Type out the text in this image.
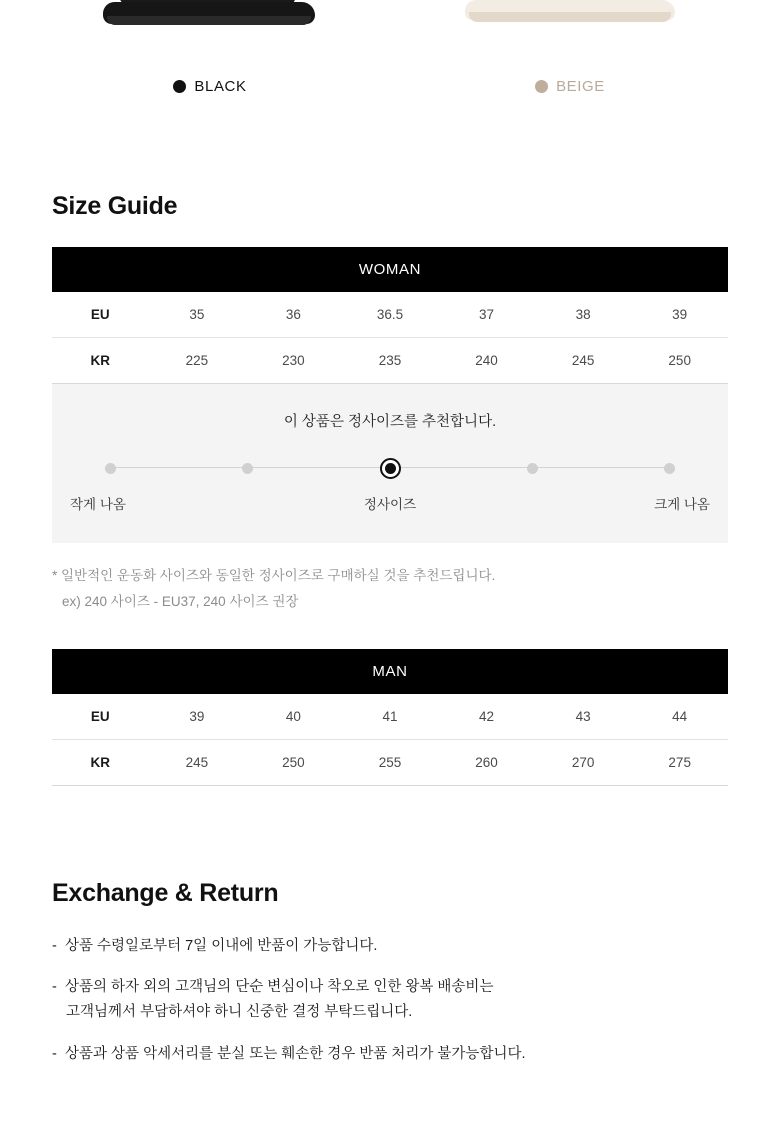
BLACK	BEIGE
Size Guide
WOMAN						
EU	35	36	36.5	37	38	39
KR	225	230	235	240	245	250
이 상품은 정사이즈를 추천합니다.
작게 나옴	정사이즈	크게 나옴
* 일반적인 운동화 사이즈와 동일한 정사이즈로 구매하실 것을 추천드립니다.
ex) 240 사이즈 - EU37, 240 사이즈 권장
MAN						
EU	39	40	41	42	43	44
KR	245	250	255	260	270	275
Exchange & Return
- 상품 수령일로부터 7일 이내에 반품이 가능합니다.
- 상품의 하자 외의 고객님의 단순 변심이나 착오로 인한 왕복 배송비는
고객님께서 부담하셔야 하니 신중한 결정 부탁드립니다.
- 상품과 상품 악세서리를 분실 또는 훼손한 경우 반품 처리가 불가능합니다.
